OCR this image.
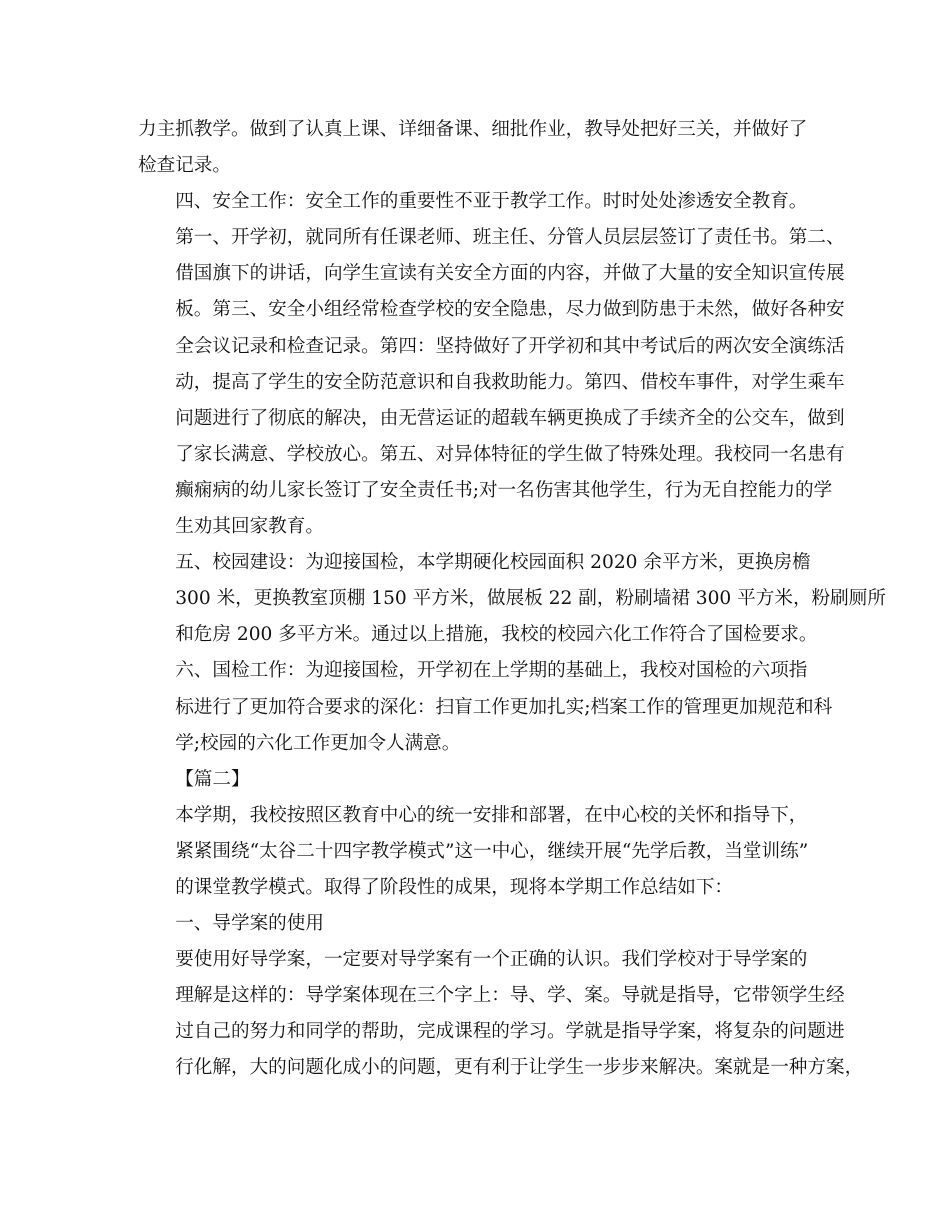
力主抓教学。做到了认真上课、详细备课、细批作业，教导处把好三关，并做好了
检查记录。

四、安全工作：安全工作的重要性不亚于教学工作。时时处处渗透安全教育。
第一、开学初，就同所有任课老师、班主任、分管人员层层签订了责任书。第二、
借国旗下的讲话，向学生宣读有关安全方面的内容，并做了大量的安全知识宣传展
板。第三、安全小组经常检查学校的安全隐患，尽力做到防患于未然，做好各种安
全会议记录和检查记录。第四：坚持做好了开学初和其中考试后的两次安全演练活
动，提高了学生的安全防范意识和自我救助能力。第四、借校车事件，对学生乘车
问题进行了彻底的解决，由无营运证的超载车辆更换成了手续齐全的公交车，做到
了家长满意、学校放心。第五、对异体特征的学生做了特殊处理。我校同一名患有
癫痫病的幼儿家长签订了安全责任书;对一名伤害其他学生，行为无自控能力的学
生劝其回家教育。

五、校园建设：为迎接国检，本学期硬化校园面积 2020 余平方米，更换房檐
300 米，更换教室顶棚 150 平方米，做展板 22 副，粉刷墙裙 300 平方米，粉刷厕所
和危房 200 多平方米。通过以上措施，我校的校园六化工作符合了国检要求。

六、国检工作：为迎接国检，开学初在上学期的基础上，我校对国检的六项指
标进行了更加符合要求的深化：扫盲工作更加扎实;档案工作的管理更加规范和科
学;校园的六化工作更加令人满意。

【篇二】

本学期，我校按照区教育中心的统一安排和部署，在中心校的关怀和指导下，
紧紧围绕“太谷二十四字教学模式”这一中心，继续开展“先学后教，当堂训练”
的课堂教学模式。取得了阶段性的成果，现将本学期工作总结如下：

一、导学案的使用

要使用好导学案，一定要对导学案有一个正确的认识。我们学校对于导学案的
理解是这样的：导学案体现在三个字上：导、学、案。导就是指导，它带领学生经
过自己的努力和同学的帮助，完成课程的学习。学就是指导学案，将复杂的问题进
行化解，大的问题化成小的问题，更有利于让学生一步步来解决。案就是一种方案，
